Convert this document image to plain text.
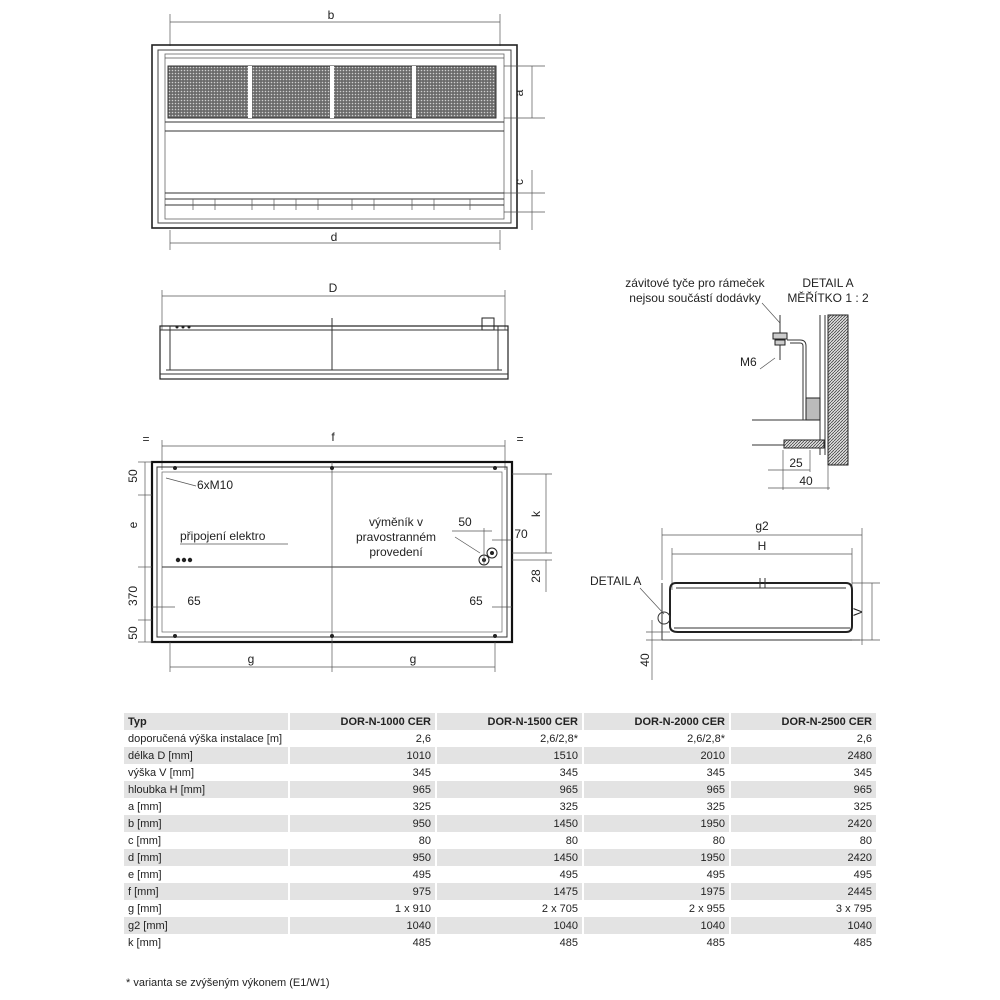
b
a
c
d
D
f
=	=
50
e
370
50
k
28
50
70
65	65
g	g
6xM10
připojení elektro
výměník v
pravostranném
provedení
závitové tyče pro rámeček
nejsou součástí dodávky
DETAIL A
MĚŘÍTKO 1 : 2
M6
25
40
g2
H
V
DETAIL A
40
Typ	DOR-N-1000 CER	DOR-N-1500 CER	DOR-N-2000 CER	DOR-N-2500 CER
doporučená výška instalace [m]	2,6	2,6/2,8*	2,6/2,8*	2,6
délka D [mm]	1010	1510	2010	2480
výška V [mm]	345	345	345	345
hloubka H [mm]	965	965	965	965
a [mm]	325	325	325	325
b [mm]	950	1450	1950	2420
c [mm]	80	80	80	80
d [mm]	950	1450	1950	2420
e [mm]	495	495	495	495
f [mm]	975	1475	1975	2445
g [mm]	1 x 910	2 x 705	2 x 955	3 x 795
g2 [mm]	1040	1040	1040	1040
k [mm]	485	485	485	485
* varianta se zvýšeným výkonem (E1/W1)
